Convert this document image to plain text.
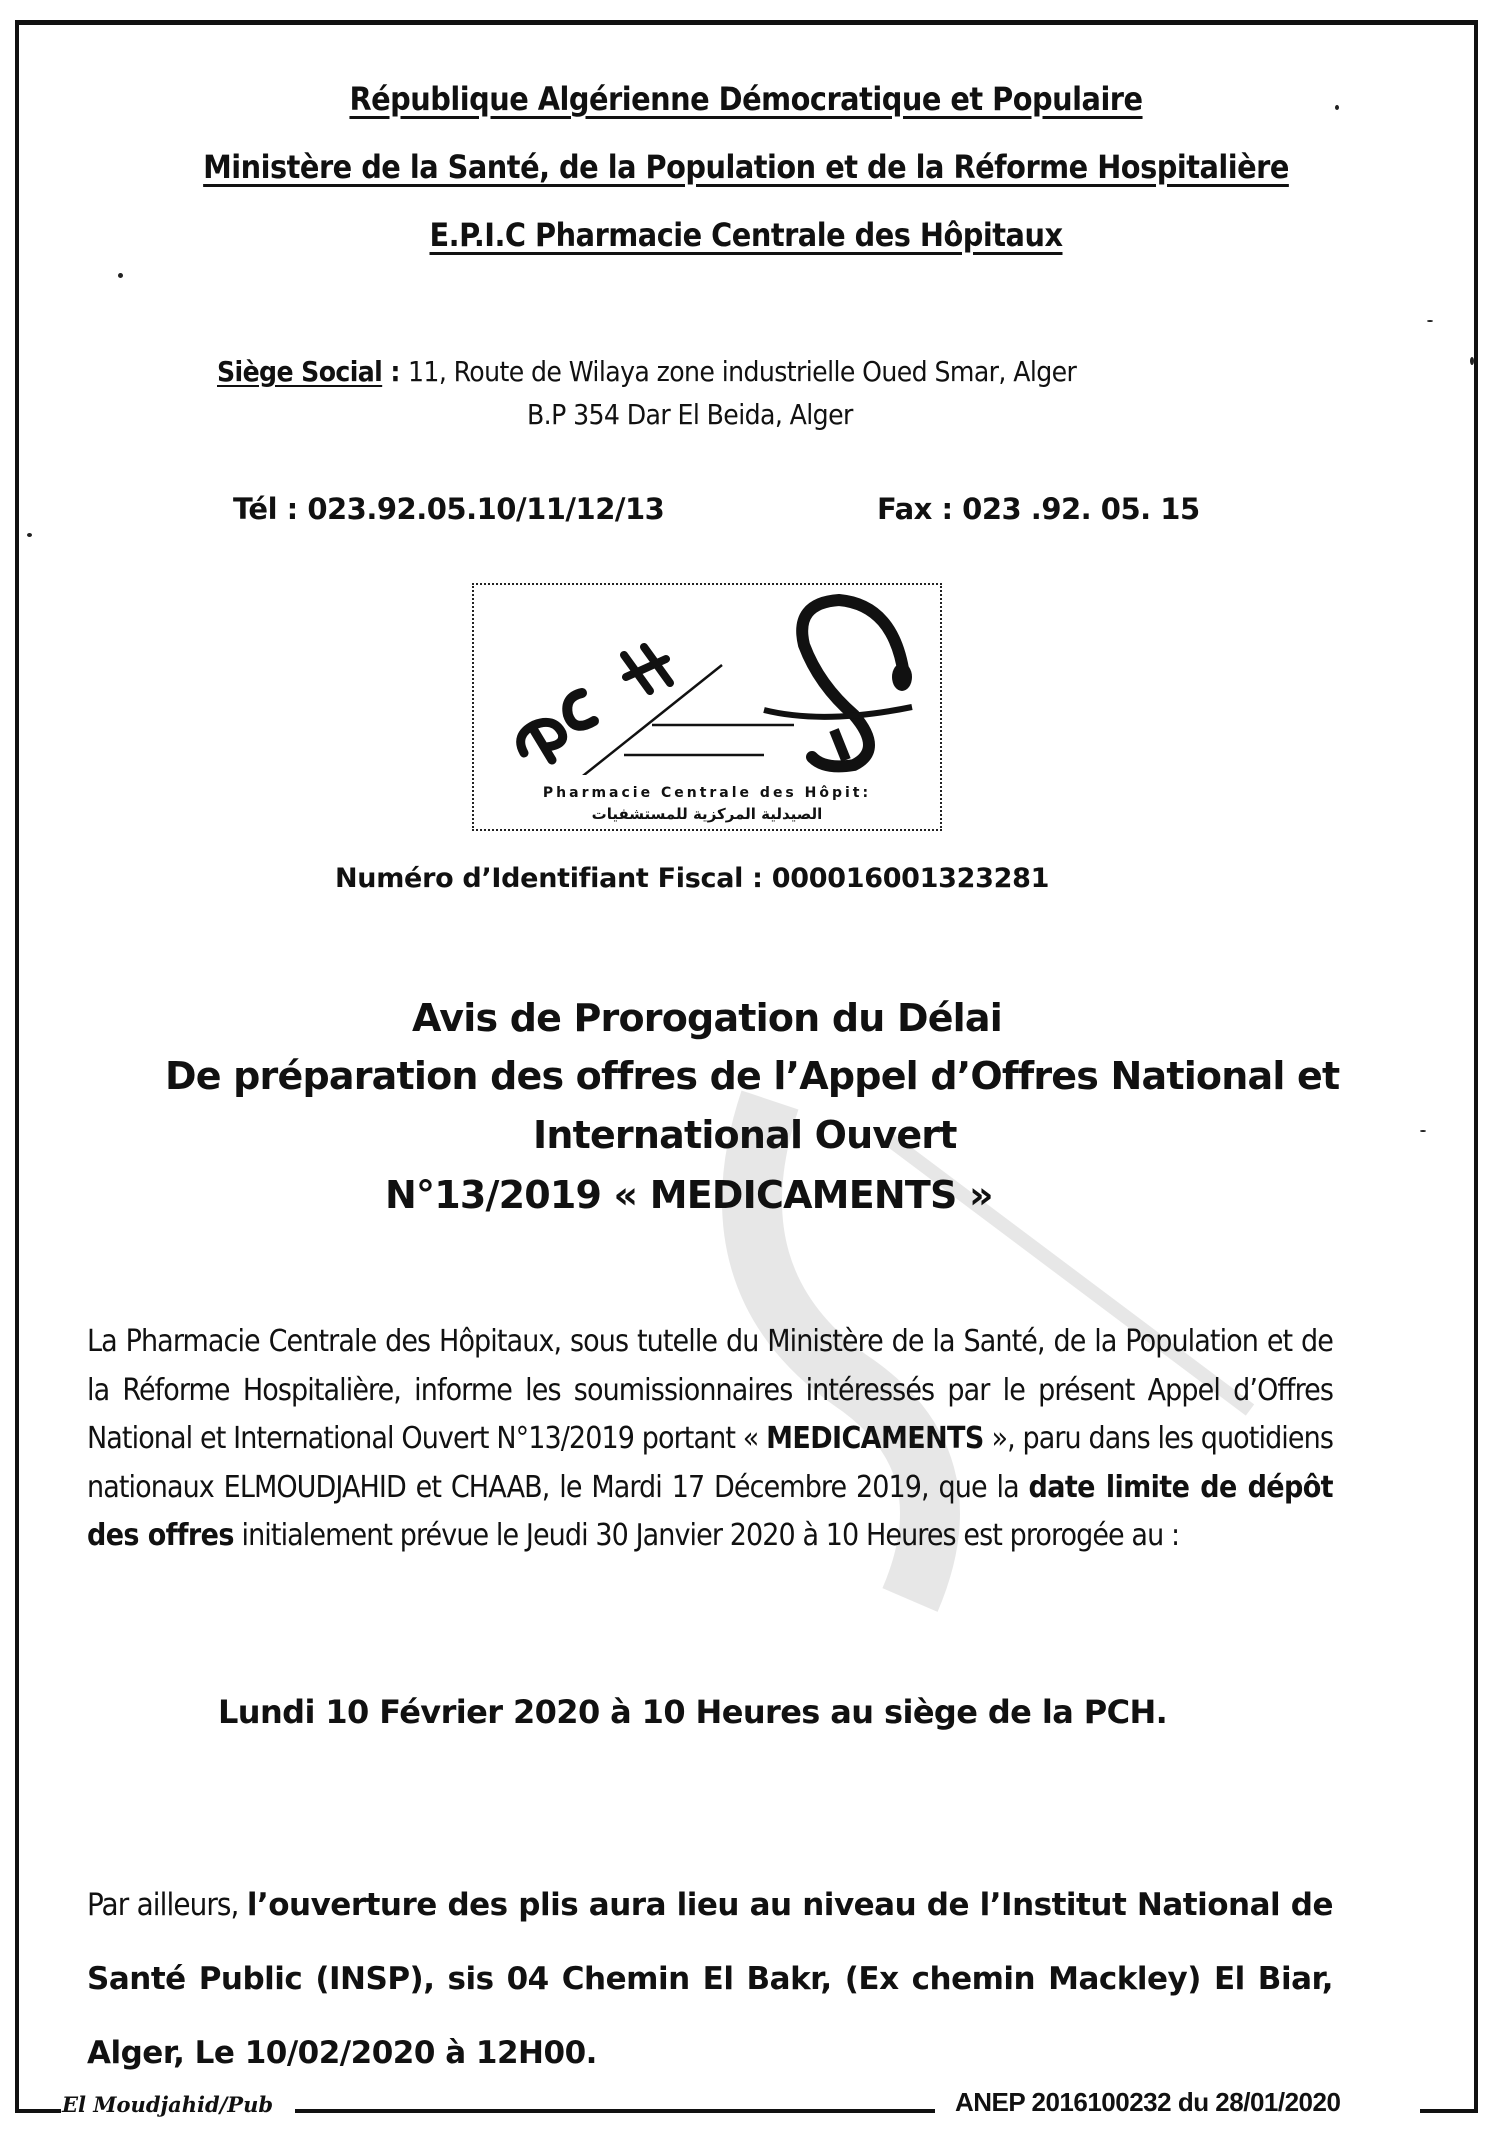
République Algérienne Démocratique et Populaire
Ministère de la Santé, de la Population et de la Réforme Hospitalière
E.P.I.C Pharmacie Centrale des Hôpitaux
Siège Social : 11, Route de Wilaya zone industrielle Oued Smar, Alger
B.P 354 Dar El Beida, Alger
Tél : 023.92.05.10/11/12/13	Fax : 023 .92. 05. 15
Pharmacie Centrale des Hôpit:
الصيدلية المركزية للمستشفيات
Numéro d’Identifiant Fiscal : 000016001323281
Avis de Prorogation du Délai
De préparation des offres de l’Appel d’Offres National et
International Ouvert
N°13/2019 « MEDICAMENTS »
La Pharmacie Centrale des Hôpitaux, sous tutelle du Ministère de la Santé, de la Population et de la Réforme Hospitalière, informe les soumissionnaires intéressés par le présent Appel d’Offres National et International Ouvert N°13/2019 portant « MEDICAMENTS », paru dans les quotidiens nationaux ELMOUDJAHID et CHAAB, le Mardi 17 Décembre 2019, que la date limite de dépôt des offres initialement prévue le Jeudi 30 Janvier 2020 à 10 Heures est prorogée au :
Lundi 10 Février 2020 à 10 Heures au siège de la PCH.
Par ailleurs, l’ouverture des plis aura lieu au niveau de l’Institut National de Santé Public (INSP), sis 04 Chemin El Bakr, (Ex chemin Mackley) El Biar, Alger, Le 10/02/2020 à 12H00.
El Moudjahid/Pub	ANEP 2016100232 du 28/01/2020
